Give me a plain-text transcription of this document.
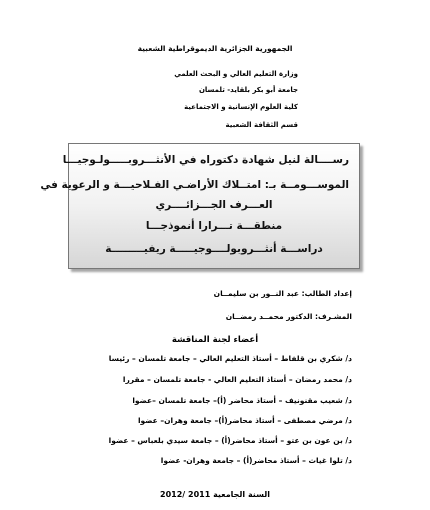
الجمهورية الجزائرية الديموقراطية الشعبية
وزارة التعليم العالي و البحث العلمي
جامعة أبو بكر بلقايد- تلمسان
كلية العلوم الإنسانية و الاجتماعية
قسم الثقافة الشعبية
رســــالة لنيل شهادة دكتوراه في الأنثـــروبـــــولـوجيـــا
الموســـومــة بـ: امتــلاك الأراضـي الفـلاحيـــة و الرعوية في
العـــرف الجـــزائــــري
منطقـــة تـــرارا أنموذجـــا
دراســـة أنثـــروبولــــوجيـــــة ريفيـــــــــة
إعداد الطالب: عبد النــور بن سليمــان
المشـرف: الدكتور محمــد رمضــان
أعضاء لجنة المناقشة
د/ شكري بن قلفاط – أستاذ التعليم العالي – جامعة تلمسان – رئيسا
د/ محمد رمضان – أستاذ التعليم العالي - جامعة تلمسان – مقررا
د/ شعيب مقنونيف – أستاذ محاضر (أ)– جامعة تلمسان –عضوا
د/ مرضي مصطفى – أستاذ محاضر(أ)– جامعة وهران– عضوا
د/ بن عون بن عتو – أستاذ محاضر(أ) – جامعة سيدي بلعباس – عضوا
د/ تلوا غياث – أستاذ محاضر(أ) – جامعة وهران- عضوا
السنة الجامعية 2011 /2012
